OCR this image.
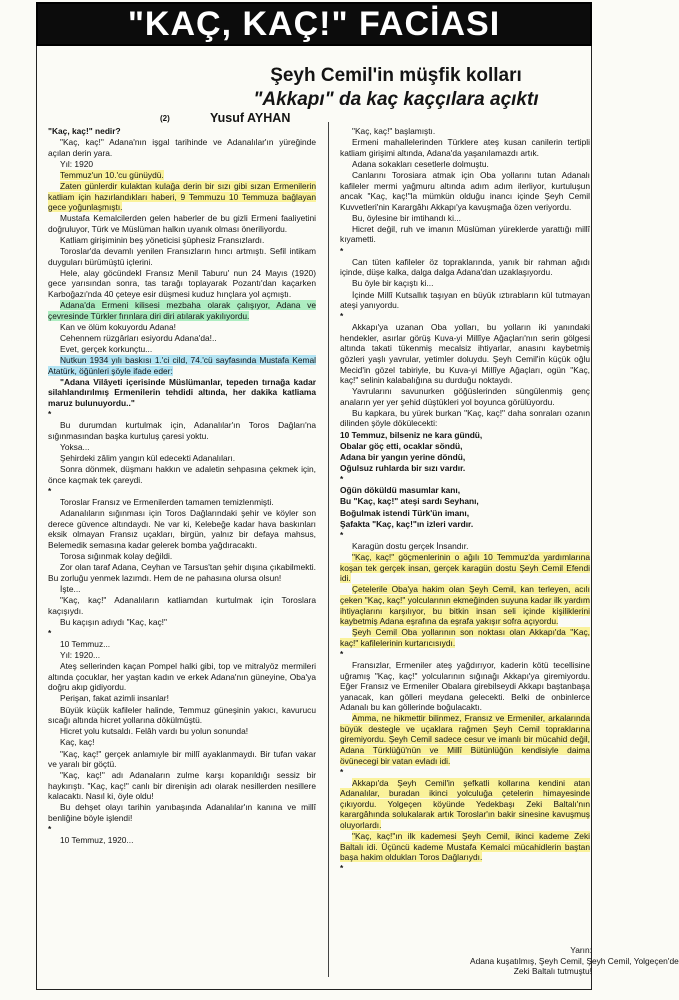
"KAÇ, KAÇ!" FACİASI
Şeyh Cemil'in müşfik kolları
"Akkapı" da kaç kaççılara açıktı
(2)	Yusuf AYHAN

"Kaç, kaç!" nedir?

"Kaç, kaç!" Adana'nın işgal tarihinde ve Adanalılar'ın yüreğinde açılan derin yara.

Yıl: 1920

Temmuz'un 10.'cu günüydü.

Zaten günlerdir kulaktan kulağa derin bir sızı gibi sızan Ermenilerin katliam için hazırlandıkları haberi, 9 Temmuzu 10 Temmuza bağlayan gece yoğunlaşmıştı.

Mustafa Kemalcilerden gelen haberler de bu gizli Ermeni faaliyetini doğruluyor, Türk ve Müslüman halkın uyanık olması öneriliyordu.

Katliam girişiminin beş yöneticisi şüphesiz Fransızlardı.

Toroslar'da devamlı yenilen Fransızların hıncı artmıştı. Sefil intikam duyguları bürümüştü içlerini.

Hele, alay göcündekl Fransız Menil Taburu' nun 24 Mayıs (1920) gece yarısından sonra, tas tarağı toplayarak Pozantı'dan kaçarken Karboğazı'nda 40 çeteye esir düşmesi kuduz hınçlara yol açmıştı.

Adana'da Ermeni kilisesi mezbaha olarak çalışıyor, Adana ve çevresinde Türkler fırınlara diri diri atılarak yakılıyordu.

Kan ve ölüm kokuyordu Adana!

Cehennem rüzgârları esiyordu Adana'da!..

Evet, gerçek korkunçtu...

Nutkun 1934 yılı baskısı 1.'ci cild, 74.'cü sayfasında Mustafa Kemal Atatürk, öğünleri şöyle ifade eder:

"Adana Vilâyeti içerisinde Müslümanlar, tepeden tırnağa kadar silahlandırılmış Ermenilerin tehdidi altında, her dakika katliama maruz bulunuyordu.."

*

Bu durumdan kurtulmak için, Adanalılar'ın Toros Dağları'na sığınmasından başka kurtuluş çaresi yoktu.

Yoksa...

Şehirdeki zâlim yangın kül edecekti Adanalıları.

Sonra dönmek, düşmanı hakkın ve adaletin sehpasına çekmek için, önce kaçmak tek çareydi.

*

Toroslar Fransız ve Ermenilerden tamamen temizlenmişti.

Adanalıların sığınması için Toros Dağlarındaki şehir ve köyler son derece güvence altındaydı. Ne var ki, Kelebeğe kadar hava baskınları eksik olmayan Fransız uçakları, birgün, yalnız bir defaya mahsus, Belemedik semasına kadar gelerek bomba yağdıracaktı.

Torosa sığınmak kolay değildi.

Zor olan taraf Adana, Ceyhan ve Tarsus'tan şehir dışına çıkabilmekti. Bu zorluğu yenmek lazımdı. Hem de ne pahasına olursa olsun!

İşte...

"Kaç, kaç!" Adanalıların katliamdan kurtulmak için Toroslara kaçışıydı.

Bu kaçışın adıydı "Kaç, kaç!"

*

10 Temmuz...

Yıl: 1920...

Ateş sellerinden kaçan Pompel halki gibi, top ve mitralyöz mermileri altında çocuklar, her yaştan kadın ve erkek Adana'nın güneyine, Oba'ya doğru akıp gidiyordu.

Perişan, fakat azimli insanlar!

Büyük küçük kafileler halinde, Temmuz güneşinin yakıcı, kavurucu sıcağı altında hicret yollarına dökülmüştü.

Hicret yolu kutsaldı. Felâh vardı bu yolun sonunda!

Kaç, kaç!

"Kaç, kaç!" gerçek anlamıyle bir millî ayaklanmaydı. Bir tufan vakar ve yaralı bir göçtü.

"Kaç, kaç!" adı Adanaların zulme karşı koparıldığı sessiz bir haykırıştı. "Kaç, kaç!" canlı bir direnişin adı olarak nesillerden nesillere kalacaktı. Nasıl ki, öyle oldu!

Bu dehşet olayı tarihin yanıbaşında Adanalılar'ın kanına ve millî benliğine böyle işlendi!

*

10 Temmuz, 1920...

"Kaç, kaç!" başlamıştı.

Ermeni mahallelerinden Türklere ateş kusan canilerin tertipli katliam girişimi altında, Adana'da yaşanılamazdı artık.

Adana sokakları cesetlerle dolmuştu.

Canlarını Torosiara atmak için Oba yollarını tutan Adanalı kafileler mermi yağmuru altında adım adım ilerliyor, kurtuluşun ancak "Kaç, kaç!"la mümkün olduğu inancı içinde Şeyh Cemil Kuvvetleri'nin Karargâhı Akkapı'ya kavuşmağa özen veriyordu.

Bu, öylesine bir imtihandı ki...

Hicret değil, ruh ve imanın Müslüman yüreklerde yarattığı millî kıyametti.

*

Can tüten kafileler öz topraklarında, yanık bir rahman ağıdı içinde, düşe kalka, dalga dalga Adana'dan uzaklaşıyordu.

Bu öyle bir kaçıştı ki...

İçinde Millî Kutsallık taşıyan en büyük ıztırabların kül tutmayan ateşi yanıyordu.

*

Akkapı'ya uzanan Oba yolları, bu yolların iki yanındaki hendekler, asırlar görüş Kuva-yi Millîye Ağaçları'nın serin gölgesi altında takati tükenmiş mecalsiz ihtiyarlar, anasını kaybetmiş gözleri yaşlı yavrular, yetimler doluydu. Şeyh Cemil'in küçük oğlu Mecid'in gözel tabiriyle, bu Kuva-yi Millîye Ağaçları, ogün "Kaç, kaç!" selinin kalabalığına su durduğu noktaydı.

Yavrularını savunurken göğüslerinden süngülenmiş genç anaların yer yer şehid düştükleri yol boyunca görülüyordu.

Bu kapkara, bu yürek burkan "Kaç, kaç!" daha sonraları ozanın dilinden şöyle dökülecekti:

10 Temmuz, bilseniz ne kara gündü,

Obalar göç etti, ocaklar söndü,

Adana bir yangın yerine döndü,

Oğulsuz ruhlarda bir sızı vardır.

*

Oğün döküldü masumlar kanı,

Bu "Kaç, kaç!" ateşi sardı Seyhanı,

Boğulmak istendi Türk'ün imanı,

Şafakta "Kaç, kaç!"ın izleri vardır.

*

Karagün dostu gerçek İnsandır.

"Kaç, kaç!" göçmenlerinin o ağılı 10 Temmuz'da yardımlarına koşan tek gerçek insan, gerçek karagün dostu Şeyh Cemil Efendi idi.

Çetelerile Oba'ya hakim olan Şeyh Cemil, kan terleyen, acılı çeken "Kaç, kaç!" yolcularının ekmeğinden suyuna kadar ilk yardım ihtiyaçlarını karşılıyor, bu bitkin insan seli içinde kişiliklerini kaybetmiş Adana eşrafına da eşrafa yakışır sofra açıyordu.

Şeyh Cemil Oba yollarının son noktası olan Akkapı'da "Kaç, kaç!" kafilelerinin kurtarıcısıydı.

*

Fransızlar, Ermeniler ateş yağdırıyor, kaderin kötü tecellisine uğramış "Kaç, kaç!" yolcularının sığınağı Akkapı'ya giremiyordu. Eğer Fransız ve Ermeniler Obalara girebilseydi Akkapı baştanbaşa yanacak, kan gölleri meydana gelecekti. Belki de onbinlerce Adanalı bu kan göllerinde boğulacaktı.

Amma, ne hikmettir bilinmez, Fransız ve Ermeniler, arkalarında büyük destegle ve uçaklara rağmen Şeyh Cemil topraklarına giremiyordu. Şeyh Cemil sadece cesur ve imanlı bir mücahid değil, Adana Türklüğü'nün ve Millî Bütünlüğün kendisiyle daima övünecegi bir vatan evladı idi.

*

Akkapı'da Şeyh Cemil'in şefkatli kollarına kendini atan Adanalılar, buradan ikinci yolculuğa çetelerin himayesinde çıkıyordu. Yolgeçen köyünde Yedekbaşı Zeki Baltalı'nın karargâhında solukalarak artık Toroslar'ın bakir sinesine kavuşmuş oluyorlardı.

"Kaç, kaç!"ın ilk kademesi Şeyh Cemil, ikinci kademe Zeki Baltalı idi. Üçüncü kademe Mustafa Kemalci mücahidlerin baştan başa hakim oldukları Toros Dağlarıydı.

*

Yarın:
Adana kuşatılmış, Şeyh Cemil, Şeyh Cemil, Yolgeçen'de
Zeki Baltalı tutmuştu!
